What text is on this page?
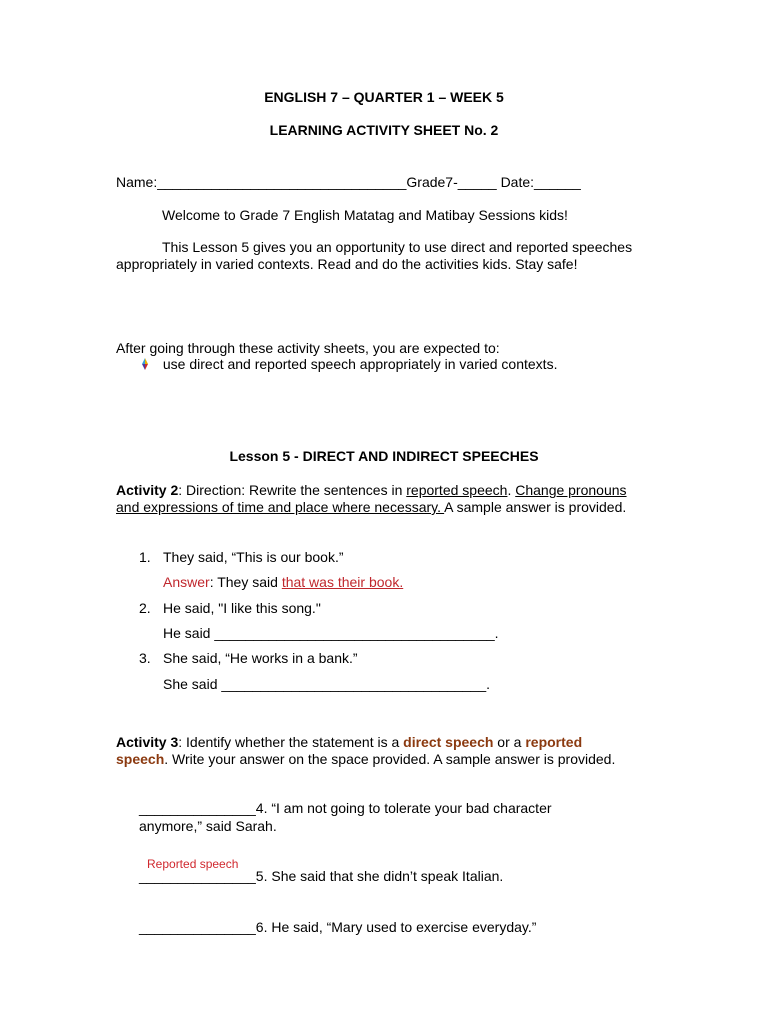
ENGLISH 7 – QUARTER 1 – WEEK 5
LEARNING ACTIVITY SHEET No. 2
Name:________________________________Grade7-_____ Date:______
Welcome to Grade 7 English Matatag and Matibay Sessions kids!
This Lesson 5 gives you an opportunity to use direct and reported speeches appropriately in varied contexts. Read and do the activities kids. Stay safe!
After going through these activity sheets, you are expected to:
use direct and reported speech appropriately in varied contexts.
Lesson 5 - DIRECT AND INDIRECT SPEECHES
Activity 2: Direction: Rewrite the sentences in reported speech. Change pronouns and expressions of time and place where necessary. A sample answer is provided.
1. They said, “This is our book.”
Answer: They said that was their book.
2. He said, "I like this song."
He said ____________________________________.
3. She said, “He works in a bank.”
She said __________________________________.
Activity 3: Identify whether the statement is a direct speech or a reported speech. Write your answer on the space provided. A sample answer is provided.
_______________4. “I am not going to tolerate your bad character
anymore,” said Sarah.
Reported speech
_______________5. She said that she didn’t speak Italian.
_______________6. He said, “Mary used to exercise everyday.”
